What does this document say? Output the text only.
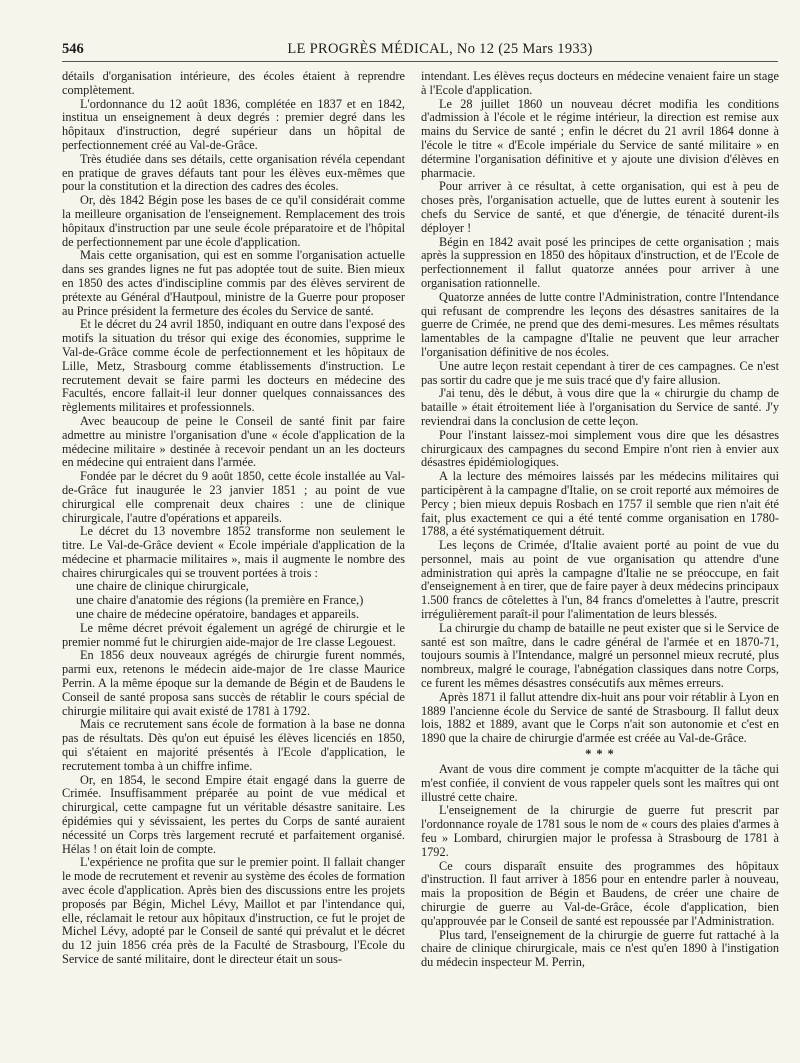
546	LE PROGRÈS MÉDICAL, No 12 (25 Mars 1933)

détails d'organisation intérieure, des écoles étaient à reprendre complètement.

L'ordonnance du 12 août 1836, complétée en 1837 et en 1842, institua un enseignement à deux degrés : premier degré dans les hôpitaux d'instruction, degré supérieur dans un hôpital de perfectionnement créé au Val-de-Grâce.

Très étudiée dans ses détails, cette organisation révéla cependant en pratique de graves défauts tant pour les élèves eux-mêmes que pour la constitution et la direction des cadres des écoles.

Or, dès 1842 Bégin pose les bases de ce qu'il considérait comme la meilleure organisation de l'enseignement. Remplacement des trois hôpitaux d'instruction par une seule école préparatoire et de l'hôpital de perfectionnement par une école d'application.

Mais cette organisation, qui est en somme l'organisation actuelle dans ses grandes lignes ne fut pas adoptée tout de suite. Bien mieux en 1850 des actes d'indiscipline commis par des élèves servirent de prétexte au Général d'Hautpoul, ministre de la Guerre pour proposer au Prince président la fermeture des écoles du Service de santé.

Et le décret du 24 avril 1850, indiquant en outre dans l'exposé des motifs la situation du trésor qui exige des économies, supprime le Val-de-Grâce comme école de perfectionnement et les hôpitaux de Lille, Metz, Strasbourg comme établissements d'instruction. Le recrutement devait se faire parmi les docteurs en médecine des Facultés, encore fallait-il leur donner quelques connaissances des règlements militaires et professionnels.

Avec beaucoup de peine le Conseil de santé finit par faire admettre au ministre l'organisation d'une « école d'application de la médecine militaire » destinée à recevoir pendant un an les docteurs en médecine qui entraient dans l'armée.

Fondée par le décret du 9 août 1850, cette école installée au Val-de-Grâce fut inaugurée le 23 janvier 1851 ; au point de vue chirurgical elle comprenait deux chaires : une de clinique chirurgicale, l'autre d'opérations et appareils.

Le décret du 13 novembre 1852 transforme non seulement le titre. Le Val-de-Grâce devient « Ecole impériale d'application de la médecine et pharmacie militaires », mais il augmente le nombre des chaires chirurgicales qui se trouvent portées à trois :

une chaire de clinique chirurgicale,

une chaire d'anatomie des régions (la première en France,)

une chaire de médecine opératoire, bandages et appareils.

Le même décret prévoit également un agrégé de chirurgie et le premier nommé fut le chirurgien aide-major de 1re classe Legouest.

En 1856 deux nouveaux agrégés de chirurgie furent nommés, parmi eux, retenons le médecin aide-major de 1re classe Maurice Perrin. A la même époque sur la demande de Bégin et de Baudens le Conseil de santé proposa sans succès de rétablir le cours spécial de chirurgie militaire qui avait existé de 1781 à 1792.

Mais ce recrutement sans école de formation à la base ne donna pas de résultats. Dès qu'on eut épuisé les élèves licenciés en 1850, qui s'étaient en majorité présentés à l'Ecole d'application, le recrutement tomba à un chiffre infime.

Or, en 1854, le second Empire était engagé dans la guerre de Crimée. Insuffisamment préparée au point de vue médical et chirurgical, cette campagne fut un véritable désastre sanitaire. Les épidémies qui y sévissaient, les pertes du Corps de santé auraient nécessité un Corps très largement recruté et parfaitement organisé. Hélas ! on était loin de compte.

L'expérience ne profita que sur le premier point. Il fallait changer le mode de recrutement et revenir au système des écoles de formation avec école d'application. Après bien des discussions entre les projets proposés par Bégin, Michel Lévy, Maillot et par l'intendance qui, elle, réclamait le retour aux hôpitaux d'instruction, ce fut le projet de Michel Lévy, adopté par le Conseil de santé qui prévalut et le décret du 12 juin 1856 créa près de la Faculté de Strasbourg, l'Ecole du Service de santé militaire, dont le directeur était un sous-

intendant. Les élèves reçus docteurs en médecine venaient faire un stage à l'Ecole d'application.

Le 28 juillet 1860 un nouveau décret modifia les conditions d'admission à l'école et le régime intérieur, la direction est remise aux mains du Service de santé ; enfin le décret du 21 avril 1864 donne à l'école le titre « d'Ecole impériale du Service de santé militaire » en détermine l'organisation définitive et y ajoute une division d'élèves en pharmacie.

Pour arriver à ce résultat, à cette organisation, qui est à peu de choses près, l'organisation actuelle, que de luttes eurent à soutenir les chefs du Service de santé, et que d'énergie, de ténacité durent-ils déployer !

Bégin en 1842 avait posé les principes de cette organisation ; mais après la suppression en 1850 des hôpitaux d'instruction, et de l'Ecole de perfectionnement il fallut quatorze années pour arriver à une organisation rationnelle.

Quatorze années de lutte contre l'Administration, contre l'Intendance qui refusant de comprendre les leçons des désastres sanitaires de la guerre de Crimée, ne prend que des demi-mesures. Les mêmes résultats lamentables de la campagne d'Italie ne peuvent que leur arracher l'organisation définitive de nos écoles.

Une autre leçon restait cependant à tirer de ces campagnes. Ce n'est pas sortir du cadre que je me suis tracé que d'y faire allusion.

J'ai tenu, dès le début, à vous dire que la « chirurgie du champ de bataille » était étroitement liée à l'organisation du Service de santé. J'y reviendrai dans la conclusion de cette leçon.

Pour l'instant laissez-moi simplement vous dire que les désastres chirurgicaux des campagnes du second Empire n'ont rien à envier aux désastres épidémiologiques.

A la lecture des mémoires laissés par les médecins militaires qui participèrent à la campagne d'Italie, on se croit reporté aux mémoires de Percy ; bien mieux depuis Rosbach en 1757 il semble que rien n'ait été fait, plus exactement ce qui a été tenté comme organisation en 1780-1788, a été systématiquement détruit.

Les leçons de Crimée, d'Italie avaient porté au point de vue du personnel, mais au point de vue organisation qu attendre d'une administration qui après la campagne d'Italie ne se préoccupe, en fait d'enseignement à en tirer, que de faire payer à deux médecins principaux 1.500 francs de côtelettes à l'un, 84 francs d'omelettes à l'autre, prescrit irrégulièrement paraît-il pour l'alimentation de leurs blessés.

La chirurgie du champ de bataille ne peut exister que si le Service de santé est son maître, dans le cadre général de l'armée et en 1870-71, toujours soumis à l'Intendance, malgré un personnel mieux recruté, plus nombreux, malgré le courage, l'abnégation classiques dans notre Corps, ce furent les mêmes désastres consécutifs aux mêmes erreurs.

Après 1871 il fallut attendre dix-huit ans pour voir rétablir à Lyon en 1889 l'ancienne école du Service de santé de Strasbourg. Il fallut deux lois, 1882 et 1889, avant que le Corps n'ait son autonomie et c'est en 1890 que la chaire de chirurgie d'armée est créée au Val-de-Grâce.

* * *

Avant de vous dire comment je compte m'acquitter de la tâche qui m'est confiée, il convient de vous rappeler quels sont les maîtres qui ont illustré cette chaire.

L'enseignement de la chirurgie de guerre fut prescrit par l'ordonnance royale de 1781 sous le nom de « cours des plaies d'armes à feu » Lombard, chirurgien major le professa à Strasbourg de 1781 à 1792.

Ce cours disparaît ensuite des programmes des hôpitaux d'instruction. Il faut arriver à 1856 pour en entendre parler à nouveau, mais la proposition de Bégin et Baudens, de créer une chaire de chirurgie de guerre au Val-de-Grâce, école d'application, bien qu'approuvée par le Conseil de santé est repoussée par l'Administration.

Plus tard, l'enseignement de la chirurgie de guerre fut rattaché à la chaire de clinique chirurgicale, mais ce n'est qu'en 1890 à l'instigation du médecin inspecteur M. Perrin,
